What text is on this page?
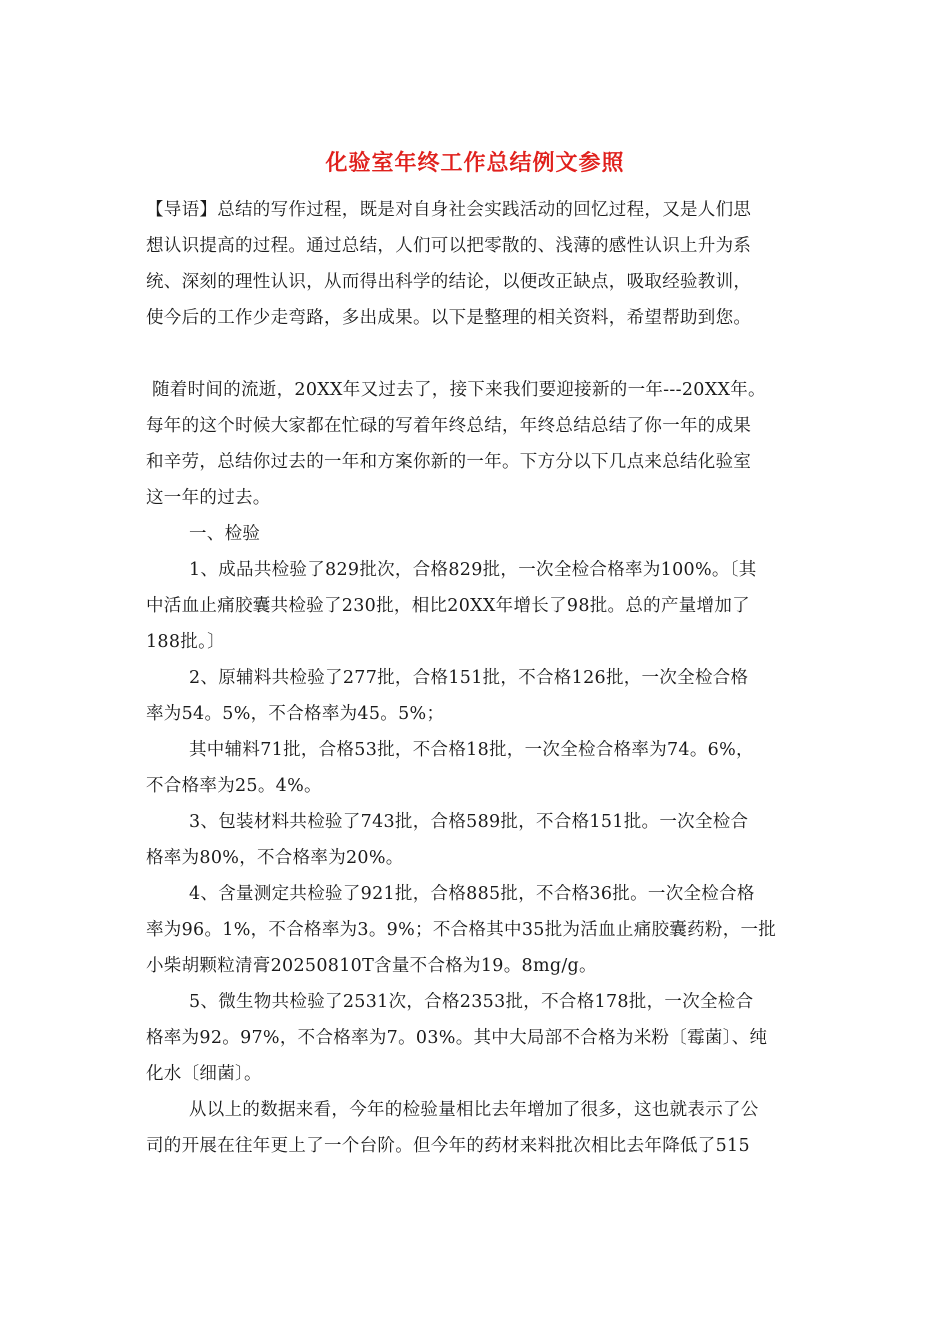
化验室年终工作总结例文参照
【导语】总结的写作过程，既是对自身社会实践活动的回忆过程，又是人们思
想认识提高的过程。通过总结，人们可以把零散的、浅薄的感性认识上升为系
统、深刻的理性认识，从而得出科学的结论，以便改正缺点，吸取经验教训，
使今后的工作少走弯路，多出成果。以下是整理的相关资料，希望帮助到您。
随着时间的流逝，20XX年又过去了，接下来我们要迎接新的一年---20XX年。
每年的这个时候大家都在忙碌的写着年终总结，年终总结总结了你一年的成果
和辛劳，总结你过去的一年和方案你新的一年。下方分以下几点来总结化验室
这一年的过去。
一、检验
1、成品共检验了829批次，合格829批，一次全检合格率为100%。〔其
中活血止痛胶囊共检验了230批，相比20XX年增长了98批。总的产量增加了
188批。〕
2、原辅料共检验了277批，合格151批，不合格126批，一次全检合格
率为54。5%，不合格率为45。5%；
其中辅料71批，合格53批，不合格18批，一次全检合格率为74。6%，
不合格率为25。4%。
3、包装材料共检验了743批，合格589批，不合格151批。一次全检合
格率为80%，不合格率为20%。
4、含量测定共检验了921批，合格885批，不合格36批。一次全检合格
率为96。1%，不合格率为3。9%；不合格其中35批为活血止痛胶囊药粉，一批
小柴胡颗粒清膏20250810T含量不合格为19。8mg/g。
5、微生物共检验了2531次，合格2353批，不合格178批，一次全检合
格率为92。97%，不合格率为7。03%。其中大局部不合格为米粉〔霉菌〕、纯
化水〔细菌〕。
从以上的数据来看，今年的检验量相比去年增加了很多，这也就表示了公
司的开展在往年更上了一个台阶。但今年的药材来料批次相比去年降低了515
